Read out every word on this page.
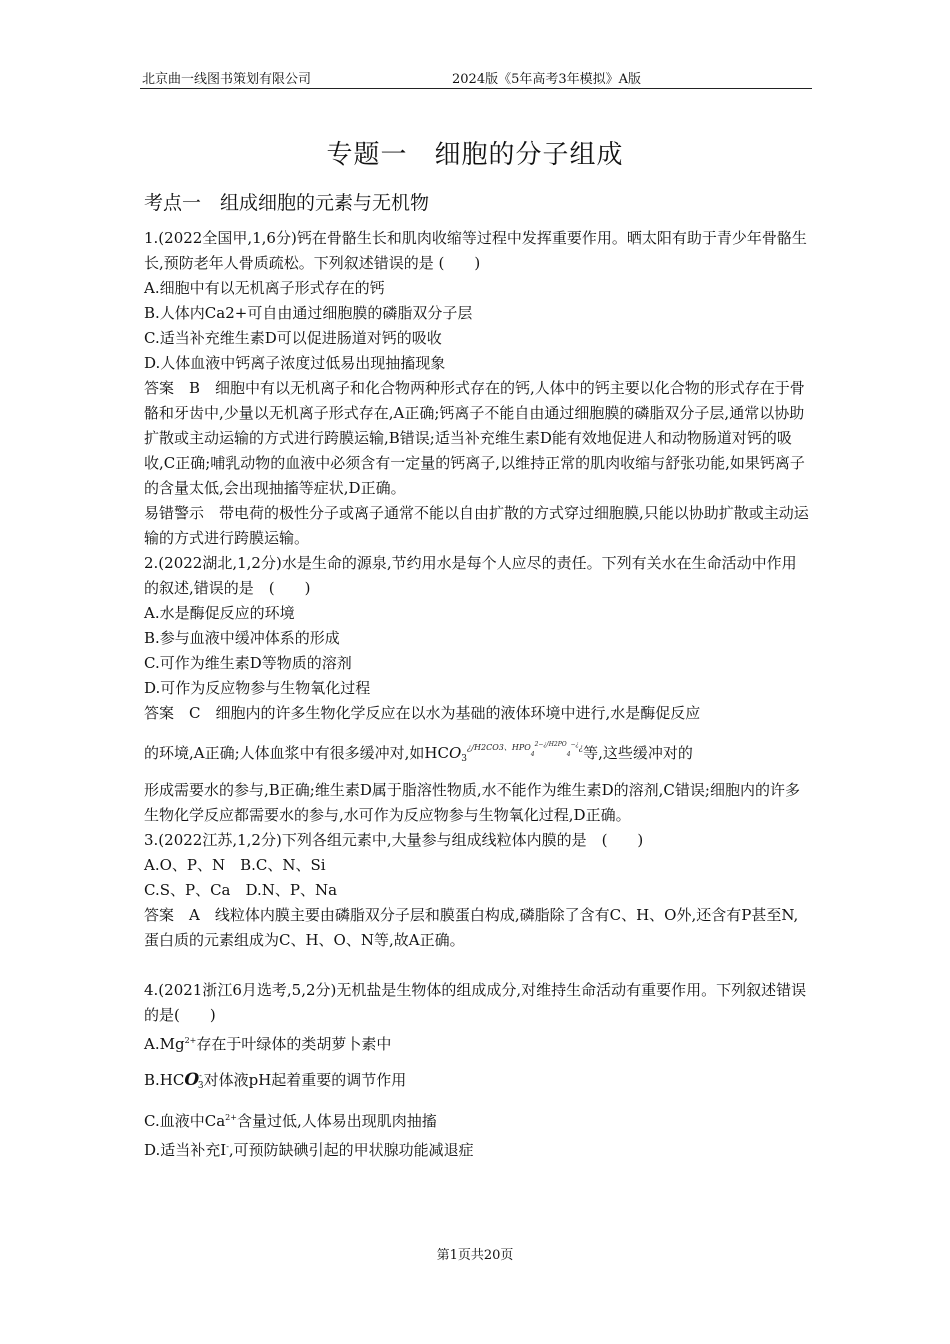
北京曲一线图书策划有限公司	2024版《5年高考3年模拟》A版
专题一　细胞的分子组成
考点一　组成细胞的元素与无机物

1.(2022全国甲,1,6分)钙在骨骼生长和肌肉收缩等过程中发挥重要作用。晒太阳有助于青少年骨骼生长,预防老年人骨质疏松。下列叙述错误的是 (　　)

A.细胞中有以无机离子形式存在的钙

B.人体内Ca2+可自由通过细胞膜的磷脂双分子层

C.适当补充维生素D可以促进肠道对钙的吸收

D.人体血液中钙离子浓度过低易出现抽搐现象

答案　B　细胞中有以无机离子和化合物两种形式存在的钙,人体中的钙主要以化合物的形式存在于骨骼和牙齿中,少量以无机离子形式存在,A正确;钙离子不能自由通过细胞膜的磷脂双分子层,通常以协助扩散或主动运输的方式进行跨膜运输,B错误;适当补充维生素D能有效地促进人和动物肠道对钙的吸收,C正确;哺乳动物的血液中必须含有一定量的钙离子,以维持正常的肌肉收缩与舒张功能,如果钙离子的含量太低,会出现抽搐等症状,D正确。

易错警示　带电荷的极性分子或离子通常不能以自由扩散的方式穿过细胞膜,只能以协助扩散或主动运输的方式进行跨膜运输。

2.(2022湖北,1,2分)水是生命的源泉,节约用水是每个人应尽的责任。下列有关水在生命活动中作用的叙述,错误的是　(　　)

A.水是酶促反应的环境

B.参与血液中缓冲体系的形成

C.可作为维生素D等物质的溶剂

D.可作为反应物参与生物氧化过程

答案　C　细胞内的许多生物化学反应在以水为基础的液体环境中进行,水是酶促反应

的环境,A正确;人体血浆中有很多缓冲对,如$HCO_3^{¿/H2CO3、HPO}4^{2-¿/H2PO}4^{-¿¿}$等,这些缓冲对的

形成需要水的参与,B正确;维生素D属于脂溶性物质,水不能作为维生素D的溶剂,C错误;细胞内的许多生物化学反应都需要水的参与,水可作为反应物参与生物氧化过程,D正确。

3.(2022江苏,1,2分)下列各组元素中,大量参与组成线粒体内膜的是　(　　)

A.O、P、N　B.C、N、Si

C.S、P、Ca　D.N、P、Na

答案　A　线粒体内膜主要由磷脂双分子层和膜蛋白构成,磷脂除了含有C、H、O外,还含有P甚至N,蛋白质的元素组成为C、H、O、N等,故A正确。

4.(2021浙江6月选考,5,2分)无机盐是生物体的组成成分,对维持生命活动有重要作用。下列叙述错误的是(　　)

$A.Mg^{2+}$存在于叶绿体的类胡萝卜素中

$B.HCO^-_3$对体液pH起着重要的调节作用

C.血液中$Ca^{2+}$含量过低,人体易出现肌肉抽搐

D.适当补充I-,可预防缺碘引起的甲状腺功能减退症

第1页共20页
